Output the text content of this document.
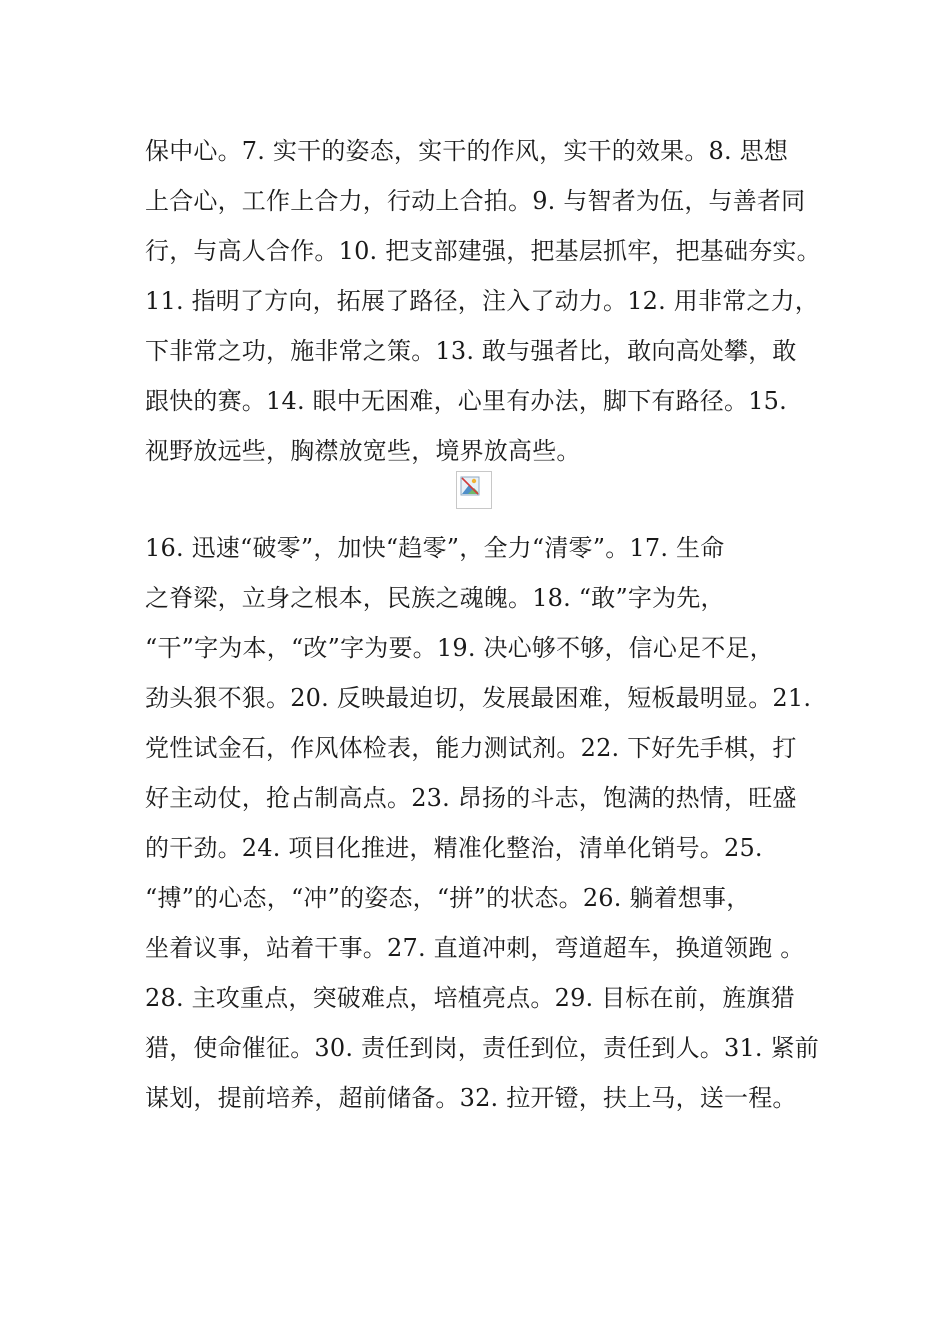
保中心。7. 实干的姿态，实干的作风，实干的效果。8. 思想
上合心，工作上合力，行动上合拍。9. 与智者为伍，与善者同
行，与高人合作。10. 把支部建强，把基层抓牢，把基础夯实。
11. 指明了方向，拓展了路径，注入了动力。12. 用非常之力，
下非常之功，施非常之策。13. 敢与强者比，敢向高处攀，敢
跟快的赛。14. 眼中无困难，心里有办法，脚下有路径。15.
视野放远些，胸襟放宽些，境界放高些。
16. 迅速“破零”，加快“趋零”，全力“清零”。17. 生命
之脊梁，立身之根本，民族之魂魄。18. “敢”字为先，
“干”字为本，“改”字为要。19. 决心够不够，信心足不足，
劲头狠不狠。20. 反映最迫切，发展最困难，短板最明显。21.
党性试金石，作风体检表，能力测试剂。22. 下好先手棋，打
好主动仗，抢占制高点。23. 昂扬的斗志，饱满的热情，旺盛
的干劲。24. 项目化推进，精准化整治，清单化销号。25.
“搏”的心态，“冲”的姿态，“拼”的状态。26. 躺着想事，
坐着议事，站着干事。27. 直道冲刺，弯道超车，换道领跑 。
28. 主攻重点，突破难点，培植亮点。29. 目标在前，旌旗猎
猎，使命催征。30. 责任到岗，责任到位，责任到人。31. 紧前
谋划，提前培养，超前储备。32. 拉开镫，扶上马，送一程。
